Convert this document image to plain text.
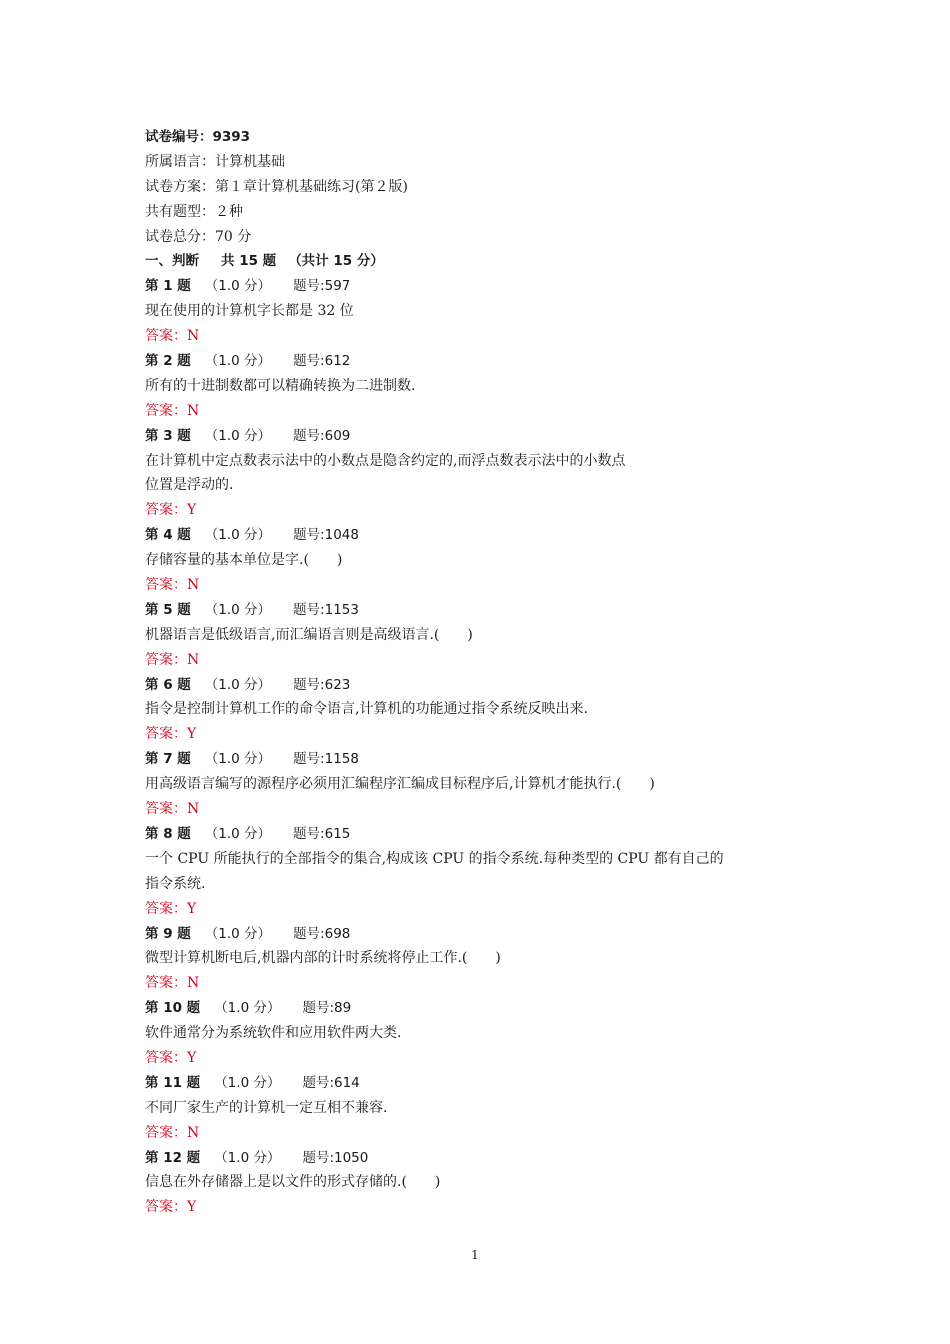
试卷编号：9393
所属语言：计算机基础
试卷方案：第１章计算机基础练习(第２版)
共有题型：２种
试卷总分：70 分
一、判断 共 15 题 （共计 15 分）
第 1 题 （1.0 分） 题号:597
现在使用的计算机字长都是 32 位
答案：N
第 2 题 （1.0 分） 题号:612
所有的十进制数都可以精确转换为二进制数.
答案：N
第 3 题 （1.0 分） 题号:609
在计算机中定点数表示法中的小数点是隐含约定的,而浮点数表示法中的小数点
位置是浮动的.
答案：Y
第 4 题 （1.0 分） 题号:1048
存储容量的基本单位是字.(　　)
答案：N
第 5 题 （1.0 分） 题号:1153
机器语言是低级语言,而汇编语言则是高级语言.(　　)
答案：N
第 6 题 （1.0 分） 题号:623
指令是控制计算机工作的命令语言,计算机的功能通过指令系统反映出来.
答案：Y
第 7 题 （1.0 分） 题号:1158
用高级语言编写的源程序必须用汇编程序汇编成目标程序后,计算机才能执行.(　　)
答案：N
第 8 题 （1.0 分） 题号:615
一个 CPU 所能执行的全部指令的集合,构成该 CPU 的指令系统.每种类型的 CPU 都有自己的
指令系统.
答案：Y
第 9 题 （1.0 分） 题号:698
微型计算机断电后,机器内部的计时系统将停止工作.(　　)
答案：N
第 10 题 （1.0 分） 题号:89
软件通常分为系统软件和应用软件两大类.
答案：Y
第 11 题 （1.0 分） 题号:614
不同厂家生产的计算机一定互相不兼容.
答案：N
第 12 题 （1.0 分） 题号:1050
信息在外存储器上是以文件的形式存储的.(　　)
答案：Y
1
